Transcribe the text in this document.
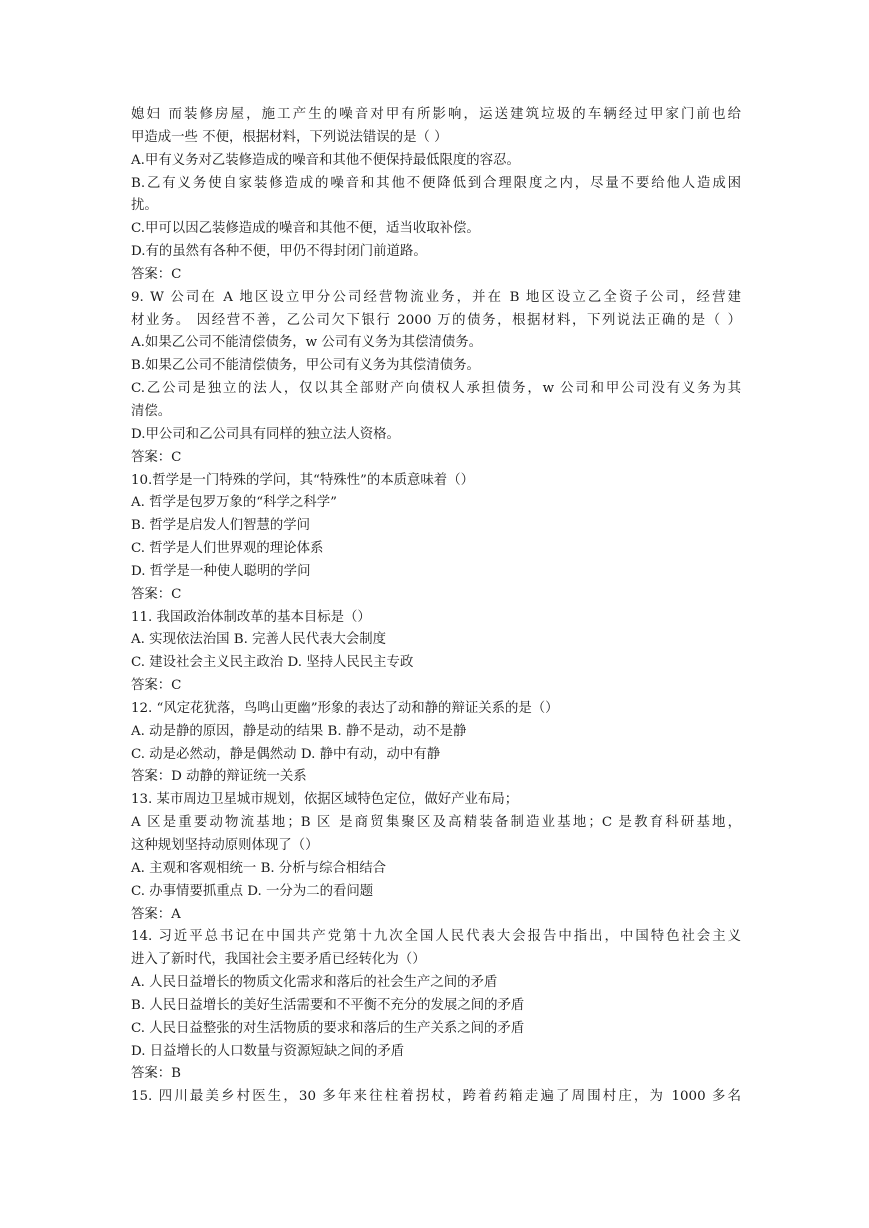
媳妇 而装修房屋，施工产生的噪音对甲有所影响，运送建筑垃圾的车辆经过甲家门前也给
甲造成一些 不便，根据材料，下列说法错误的是（ ）
A.甲有义务对乙装修造成的噪音和其他不便保持最低限度的容忍。
B.乙有义务使自家装修造成的噪音和其他不便降低到合理限度之内，尽量不要给他人造成困
扰。
C.甲可以因乙装修造成的噪音和其他不便，适当收取补偿。
D.有的虽然有各种不便，甲仍不得封闭门前道路。
答案：C
9. W 公司在 A 地区设立甲分公司经营物流业务，并在 B 地区设立乙全资子公司，经营建
材业务。 因经营不善，乙公司欠下银行 2000 万的债务，根据材料，下列说法正确的是（ ）
A.如果乙公司不能清偿债务，w 公司有义务为其偿清债务。
B.如果乙公司不能清偿债务，甲公司有义务为其偿清债务。
C.乙公司是独立的法人，仅以其全部财产向债权人承担债务，w 公司和甲公司没有义务为其
清偿。
D.甲公司和乙公司具有同样的独立法人资格。
答案：C
10.哲学是一门特殊的学问，其“特殊性”的本质意味着（）
A. 哲学是包罗万象的“科学之科学”
B. 哲学是启发人们智慧的学问
C. 哲学是人们世界观的理论体系
D. 哲学是一种使人聪明的学问
答案：C
11. 我国政治体制改革的基本目标是（）
A. 实现依法治国 B. 完善人民代表大会制度
C. 建设社会主义民主政治 D. 坚持人民民主专政
答案：C
12. “风定花犹落，鸟鸣山更幽”形象的表达了动和静的辩证关系的是（）
A. 动是静的原因，静是动的结果 B. 静不是动，动不是静
C. 动是必然动，静是偶然动 D. 静中有动，动中有静
答案：D 动静的辩证统一关系
13. 某市周边卫星城市规划，依据区域特色定位，做好产业布局；
A 区是重要动物流基地；B 区 是商贸集聚区及高精装备制造业基地；C 是教育科研基地，
这种规划坚持动原则体现了（）
A. 主观和客观相统一 B. 分析与综合相结合
C. 办事情要抓重点 D. 一分为二的看问题
答案：A
14. 习近平总书记在中国共产党第十九次全国人民代表大会报告中指出，中国特色社会主义
进入了新时代，我国社会主要矛盾已经转化为（）
A. 人民日益增长的物质文化需求和落后的社会生产之间的矛盾
B. 人民日益增长的美好生活需要和不平衡不充分的发展之间的矛盾
C. 人民日益整张的对生活物质的要求和落后的生产关系之间的矛盾
D. 日益增长的人口数量与资源短缺之间的矛盾
答案：B
15. 四川最美乡村医生，30 多年来往柱着拐杖，跨着药箱走遍了周围村庄，为 1000 多名
